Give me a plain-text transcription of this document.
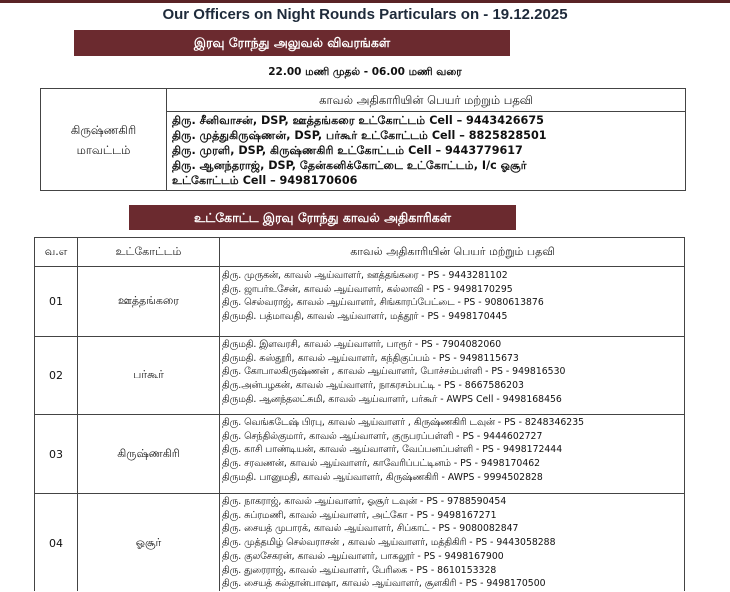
Our Officers on Night Rounds Particulars on - 19.12.2025
இரவு ரோந்து அலுவல் விவரங்கள்
22.00 மணி முதல் - 06.00 மணி வரை
கிருஷ்ணகிரி
மாவட்டம்
காவல் அதிகாரியின் பெயர் மற்றும் பதவி
திரு. சீனிவாசன், DSP, ஊத்தங்கரை உட்கோட்டம் Cell – 9443426675
திரு. முத்துகிருஷ்ணன், DSP, பர்கூர் உட்கோட்டம் Cell – 8825828501
திரு. முரளி, DSP, கிருஷ்ணகிரி உட்கோட்டம் Cell – 9443779617
திரு. ஆனந்தராஜ், DSP, தேன்கனிக்கோட்டை உட்கோட்டம், I/c ஓசூர்
உட்கோட்டம் Cell – 9498170606
உட்கோட்ட இரவு ரோந்து காவல் அதிகாரிகள்
வ.எ	உட்கோட்டம்	காவல் அதிகாரியின் பெயர் மற்றும் பதவி
01	ஊத்தங்கரை
திரு. முருகன், காவல் ஆய்வாளர், ஊத்தங்கரை - PS - 9443281102
திரு. ஜாபர்உசேன், காவல் ஆய்வாளர், கல்லாவி - PS - 9498170295
திரு. செல்வராஜ், காவல் ஆய்வாளர், சிங்காரப்பேட்டை - PS - 9080613876
திருமதி. பத்மாவதி, காவல் ஆய்வாளர், மத்தூர் - PS - 9498170445
02	பர்கூர்
திருமதி. இளவரசி, காவல் ஆய்வாளர், பாரூர் - PS - 7904082060
திருமதி. கஸ்தூரி, காவல் ஆய்வாளர், கந்திகுப்பம் - PS - 9498115673
திரு. கோபாலகிருஷ்ணன் , காவல் ஆய்வாளர், போச்சம்பள்ளி - PS - 949816530
திரு.அன்பழகன், காவல் ஆய்வாளர், நாகரசம்பட்டி - PS - 8667586203
திருமதி. ஆனந்தலட்சுமி, காவல் ஆய்வாளர், பர்கூர் - AWPS Cell - 9498168456
03	கிருஷ்ணகிரி
திரு. வெங்கடேஷ் பிரபு, காவல் ஆய்வாளர் , கிருஷ்ணகிரி டவுன் - PS - 8248346235
திரு. செந்தில்குமார், காவல் ஆய்வாளர், குருபரப்பள்ளி - PS - 9444602727
திரு. காசி பாண்டியன், காவல் ஆய்வாளர், வேப்பனப்பள்ளி - PS - 9498172444
திரு. சரவணன், காவல் ஆய்வாளர், காவேரிப்பட்டினம் - PS - 9498170462
திருமதி. பானுமதி, காவல் ஆய்வாளர், கிருஷ்ணகிரி - AWPS - 9994502828
04	ஓசூர்
திரு. நாகராஜ், காவல் ஆய்வாளர், ஓசூர் டவுன் - PS - 9788590454
திரு. சுப்ரமணி, காவல் ஆய்வாளர், அட்கோ - PS - 9498167271
திரு. சையத் முபாரக், காவல் ஆய்வாளர், சிப்காட் - PS - 9080082847
திரு. முத்தமிழ் செல்வராசன் , காவல் ஆய்வாளர், மத்திகிரி - PS - 9443058288
திரு. குலசேகரன், காவல் ஆய்வாளர், பாகலூர் - PS - 9498167900
திரு. துரைராஜ், காவல் ஆய்வாளர், பேரிகை - PS - 8610153328
திரு. சையத் சுல்தான்பாஷா, காவல் ஆய்வாளர், சூளகிரி - PS - 9498170500
